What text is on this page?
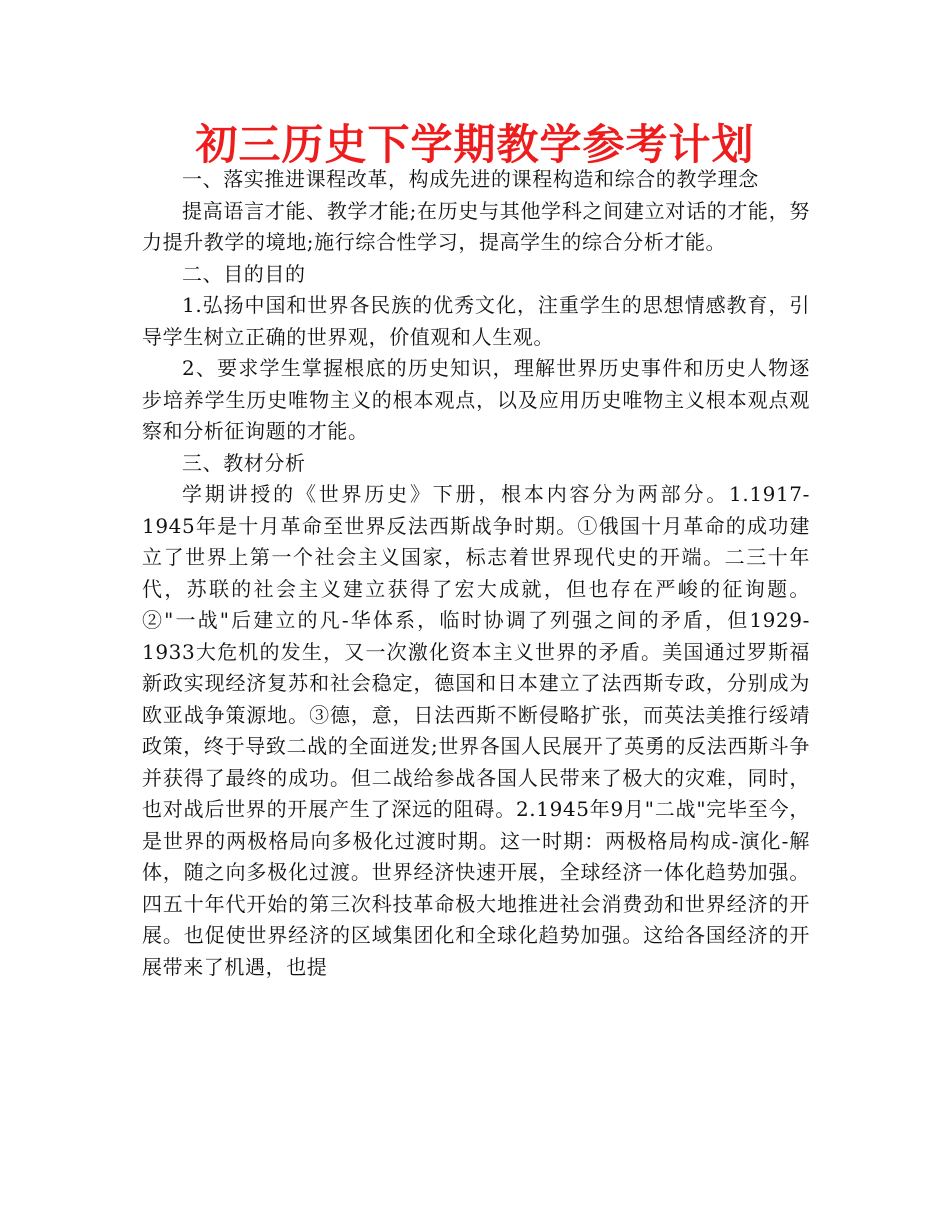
初三历史下学期教学参考计划

一、落实推进课程改革，构成先进的课程构造和综合的教学理念

提高语言才能、教学才能;在历史与其他学科之间建立对话的才能，努力提升教学的境地;施行综合性学习，提高学生的综合分析才能。

二、目的目的

1.弘扬中国和世界各民族的优秀文化，注重学生的思想情感教育，引导学生树立正确的世界观，价值观和人生观。

2、要求学生掌握根底的历史知识，理解世界历史事件和历史人物逐步培养学生历史唯物主义的根本观点，以及应用历史唯物主义根本观点观察和分析征询题的才能。

三、教材分析

学期讲授的《世界历史》下册，根本内容分为两部分。1.1917-1945年是十月革命至世界反法西斯战争时期。①俄国十月革命的成功建立了世界上第一个社会主义国家，标志着世界现代史的开端。二三十年代，苏联的社会主义建立获得了宏大成就，但也存在严峻的征询题。②"一战"后建立的凡-华体系，临时协调了列强之间的矛盾，但1929-1933大危机的发生，又一次激化资本主义世界的矛盾。美国通过罗斯福新政实现经济复苏和社会稳定，德国和日本建立了法西斯专政，分别成为欧亚战争策源地。③德，意，日法西斯不断侵略扩张，而英法美推行绥靖政策，终于导致二战的全面迸发;世界各国人民展开了英勇的反法西斯斗争并获得了最终的成功。但二战给参战各国人民带来了极大的灾难，同时，也对战后世界的开展产生了深远的阻碍。2.1945年9月"二战"完毕至今，是世界的两极格局向多极化过渡时期。这一时期：两极格局构成-演化-解体，随之向多极化过渡。世界经济快速开展，全球经济一体化趋势加强。四五十年代开始的第三次科技革命极大地推进社会消费劲和世界经济的开展。也促使世界经济的区域集团化和全球化趋势加强。这给各国经济的开展带来了机遇，也提
